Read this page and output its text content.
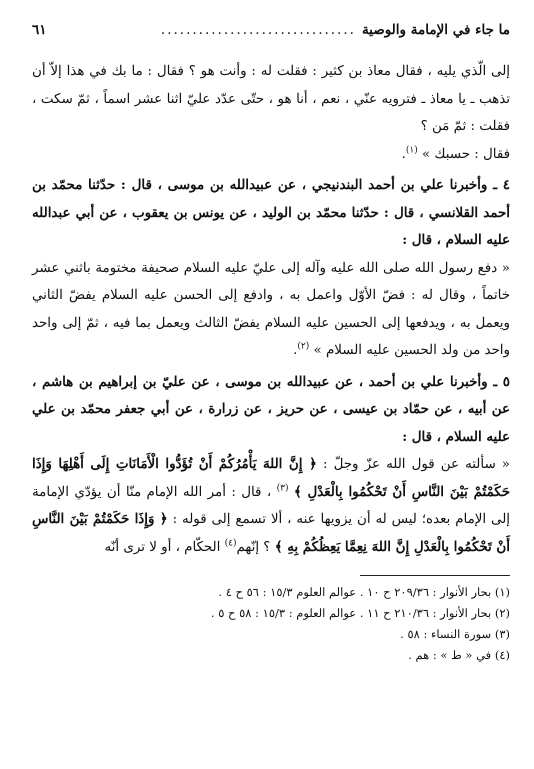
ما جاء في الإمامة والوصية
...............................
٦١

إلى الّذي يليه ، فقال معاذ بن كثير : فقلت له : وأنت هو ؟ فقال : ما بك في هذا إلاّ أن تذهب ـ يا معاذ ـ فترويه عنّي ، نعم ، أنا هو ، حتّى عدّد عليّ اثنا عشر اسماً ، ثمّ سكت ، فقلت : ثمّ مَن ؟
فقال : حسبك » $^{(١)}$.

٤ ـ وأخبرنا علي بن أحمد البندنيجي ، عن عبيدالله بن موسى ، قال : حدّثنا محمّد بن أحمد القلانسي ، قال : حدّثنا محمّد بن الوليد ، عن يونس بن يعقوب ، عن أبي عبدالله عليه السلام ، قال :
« دفع رسول الله صلى الله عليه وآله إلى عليّ عليه السلام صحيفة مختومة باثني عشر خاتماً ، وقال له : فضّ الأوّل واعمل به ، وادفع إلى الحسن عليه السلام يفضّ الثاني ويعمل به ، ويدفعها إلى الحسين عليه السلام يفضّ الثالث ويعمل بما فيه ، ثمّ إلى واحد واحد من ولد الحسين عليه السلام » $^{(٢)}$.

٥ ـ وأخبرنا علي بن أحمد ، عن عبيدالله بن موسى ، عن عليّ بن إبراهيم بن هاشم ، عن أبيه ، عن حمّاد بن عيسى ، عن حريز ، عن زرارة ، عن أبي جعفر محمّد بن علي عليه السلام ، قال :
« سألته عن قول الله عزّ وجلّ : ﴿ إِنَّ اللهَ يَأْمُرُكُمْ أَنْ تُؤَدُّوا الْأَمَانَاتِ إِلَى أَهْلِهَا وَإِذَا حَكَمْتُمْ بَيْنَ النَّاسِ أَنْ تَحْكُمُوا بِالْعَدْلِ ﴾ $^{(٣)}$ ، قال : أمر الله الإمام منّا أن يؤدّي الإمامة إلى الإمام بعده؛ ليس له أن يزويها عنه ، ألا تسمع إلى قوله : ﴿ وَإِذَا حَكَمْتُمْ بَيْنَ النَّاسِ أَنْ تَحْكُمُوا بِالْعَدْلِ إِنَّ اللهَ نِعِمَّا يَعِظُكُمْ بِهِ ﴾ ؟ إنّهم$^{(٤)}$ الحكّام ، أو لا ترى أنّه

(١) بحار الأنوار : ٢٠٩/٣٦ ح ١٠ . عوالم العلوم ١٥/٣ : ٥٦ ح ٤ .

(٢) بحار الأنوار : ٢١٠/٣٦ ح ١١ . عوالم العلوم : ١٥/٣ : ٥٨ ح ٥ .

(٣) سورة النساء : ٥٨ .

(٤) في « ط » : هم .
